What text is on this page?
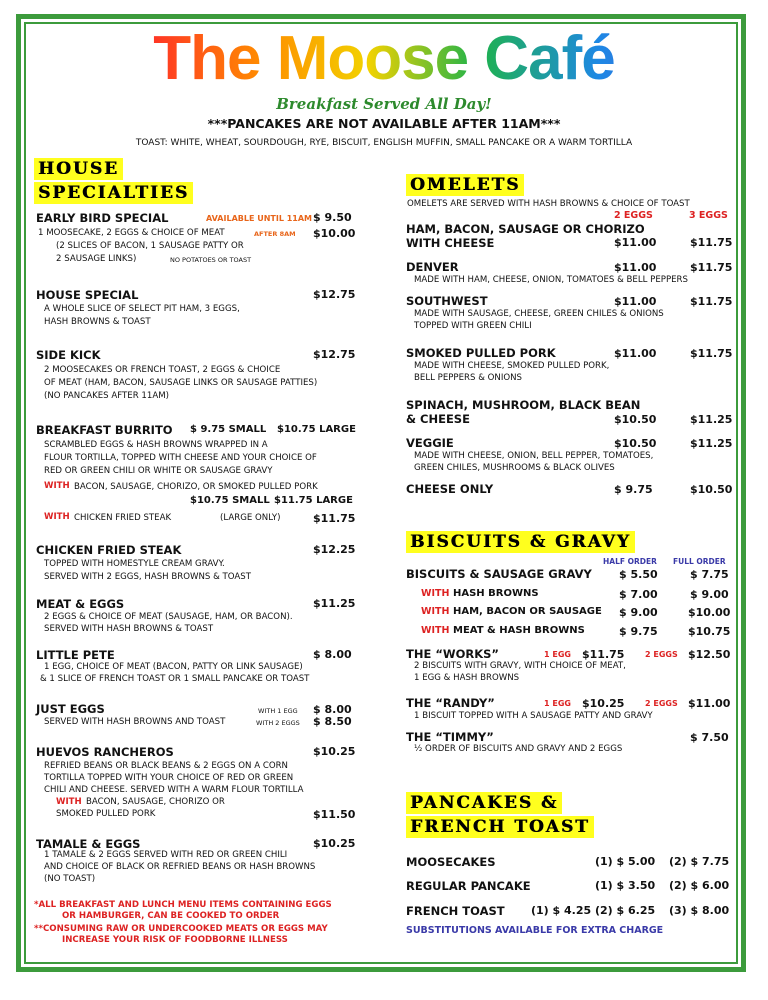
The Moose Café
Breakfast Served All Day!
***PANCAKES ARE NOT AVAILABLE AFTER 11AM***
TOAST: WHITE, WHEAT, SOURDOUGH, RYE, BISCUIT, ENGLISH MUFFIN, SMALL PANCAKE OR A WARM TORTILLA
HOUSE
SPECIALTIES
EARLY BIRD SPECIAL	AVAILABLE UNTIL 11AM $ 9.50
1 MOOSECAKE, 2 EGGS & CHOICE OF MEAT	AFTER 8AM $10.00
(2 SLICES OF BACON, 1 SAUSAGE PATTY OR
2 SAUSAGE LINKS)	NO POTATOES OR TOAST
HOUSE SPECIAL	$12.75
A WHOLE SLICE OF SELECT PIT HAM, 3 EGGS,
HASH BROWNS & TOAST
SIDE KICK	$12.75
2 MOOSECAKES OR FRENCH TOAST, 2 EGGS & CHOICE
OF MEAT (HAM, BACON, SAUSAGE LINKS OR SAUSAGE PATTIES)
(NO PANCAKES AFTER 11AM)
BREAKFAST BURRITO $ 9.75 SMALL $10.75 LARGE
SCRAMBLED EGGS & HASH BROWNS WRAPPED IN A
FLOUR TORTILLA, TOPPED WITH CHEESE AND YOUR CHOICE OF
RED OR GREEN CHILI OR WHITE OR SAUSAGE GRAVY
WITH BACON, SAUSAGE, CHORIZO, OR SMOKED PULLED PORK
$10.75 SMALL $11.75 LARGE
WITH CHICKEN FRIED STEAK	(LARGE ONLY)	$11.75
CHICKEN FRIED STEAK	$12.25
TOPPED WITH HOMESTYLE CREAM GRAVY.
SERVED WITH 2 EGGS, HASH BROWNS & TOAST
MEAT & EGGS	$11.25
2 EGGS & CHOICE OF MEAT (SAUSAGE, HAM, OR BACON).
SERVED WITH HASH BROWNS & TOAST
LITTLE PETE	$ 8.00
1 EGG, CHOICE OF MEAT (BACON, PATTY OR LINK SAUSAGE)
& 1 SLICE OF FRENCH TOAST OR 1 SMALL PANCAKE OR TOAST
JUST EGGS	WITH 1 EGG $ 8.00
SERVED WITH HASH BROWNS AND TOAST	WITH 2 EGGS $ 8.50
HUEVOS RANCHEROS	$10.25
REFRIED BEANS OR BLACK BEANS & 2 EGGS ON A CORN
TORTILLA TOPPED WITH YOUR CHOICE OF RED OR GREEN
CHILI AND CHEESE. SERVED WITH A WARM FLOUR TORTILLA
WITH BACON, SAUSAGE, CHORIZO OR
SMOKED PULLED PORK	$11.50
TAMALE & EGGS	$10.25
1 TAMALE & 2 EGGS SERVED WITH RED OR GREEN CHILI
AND CHOICE OF BLACK OR REFRIED BEANS OR HASH BROWNS
(NO TOAST)
*ALL BREAKFAST AND LUNCH MENU ITEMS CONTAINING EGGS
OR HAMBURGER, CAN BE COOKED TO ORDER
**CONSUMING RAW OR UNDERCOOKED MEATS OR EGGS MAY
INCREASE YOUR RISK OF FOODBORNE ILLNESS
OMELETS
OMELETS ARE SERVED WITH HASH BROWNS & CHOICE OF TOAST
2 EGGS	3 EGGS
HAM, BACON, SAUSAGE OR CHORIZO
WITH CHEESE	$11.00	$11.75
DENVER	$11.00	$11.75
MADE WITH HAM, CHEESE, ONION, TOMATOES & BELL PEPPERS
SOUTHWEST	$11.00	$11.75
MADE WITH SAUSAGE, CHEESE, GREEN CHILES & ONIONS
TOPPED WITH GREEN CHILI
SMOKED PULLED PORK	$11.00	$11.75
MADE WITH CHEESE, SMOKED PULLED PORK,
BELL PEPPERS & ONIONS
SPINACH, MUSHROOM, BLACK BEAN
& CHEESE	$10.50	$11.25
VEGGIE	$10.50	$11.25
MADE WITH CHEESE, ONION, BELL PEPPER, TOMATOES,
GREEN CHILES, MUSHROOMS & BLACK OLIVES
CHEESE ONLY	$ 9.75	$10.50
BISCUITS & GRAVY
HALF ORDER FULL ORDER
BISCUITS & SAUSAGE GRAVY $ 5.50	$ 7.75
WITH HASH BROWNS	$ 7.00	$ 9.00
WITH HAM, BACON OR SAUSAGE $ 9.00	$10.00
WITH MEAT & HASH BROWNS	$ 9.75	$10.75
THE “WORKS”	1 EGG $11.75	2 EGGS $12.50
2 BISCUITS WITH GRAVY, WITH CHOICE OF MEAT,
1 EGG & HASH BROWNS
THE “RANDY”	1 EGG $10.25	2 EGGS $11.00
1 BISCUIT TOPPED WITH A SAUSAGE PATTY AND GRAVY
THE “TIMMY”	$ 7.50
½ ORDER OF BISCUITS AND GRAVY AND 2 EGGS
PANCAKES &
FRENCH TOAST
MOOSECAKES	(1) $ 5.00 (2) $ 7.75
REGULAR PANCAKE	(1) $ 3.50 (2) $ 6.00
FRENCH TOAST (1) $ 4.25 (2) $ 6.25 (3) $ 8.00
SUBSTITUTIONS AVAILABLE FOR EXTRA CHARGE
